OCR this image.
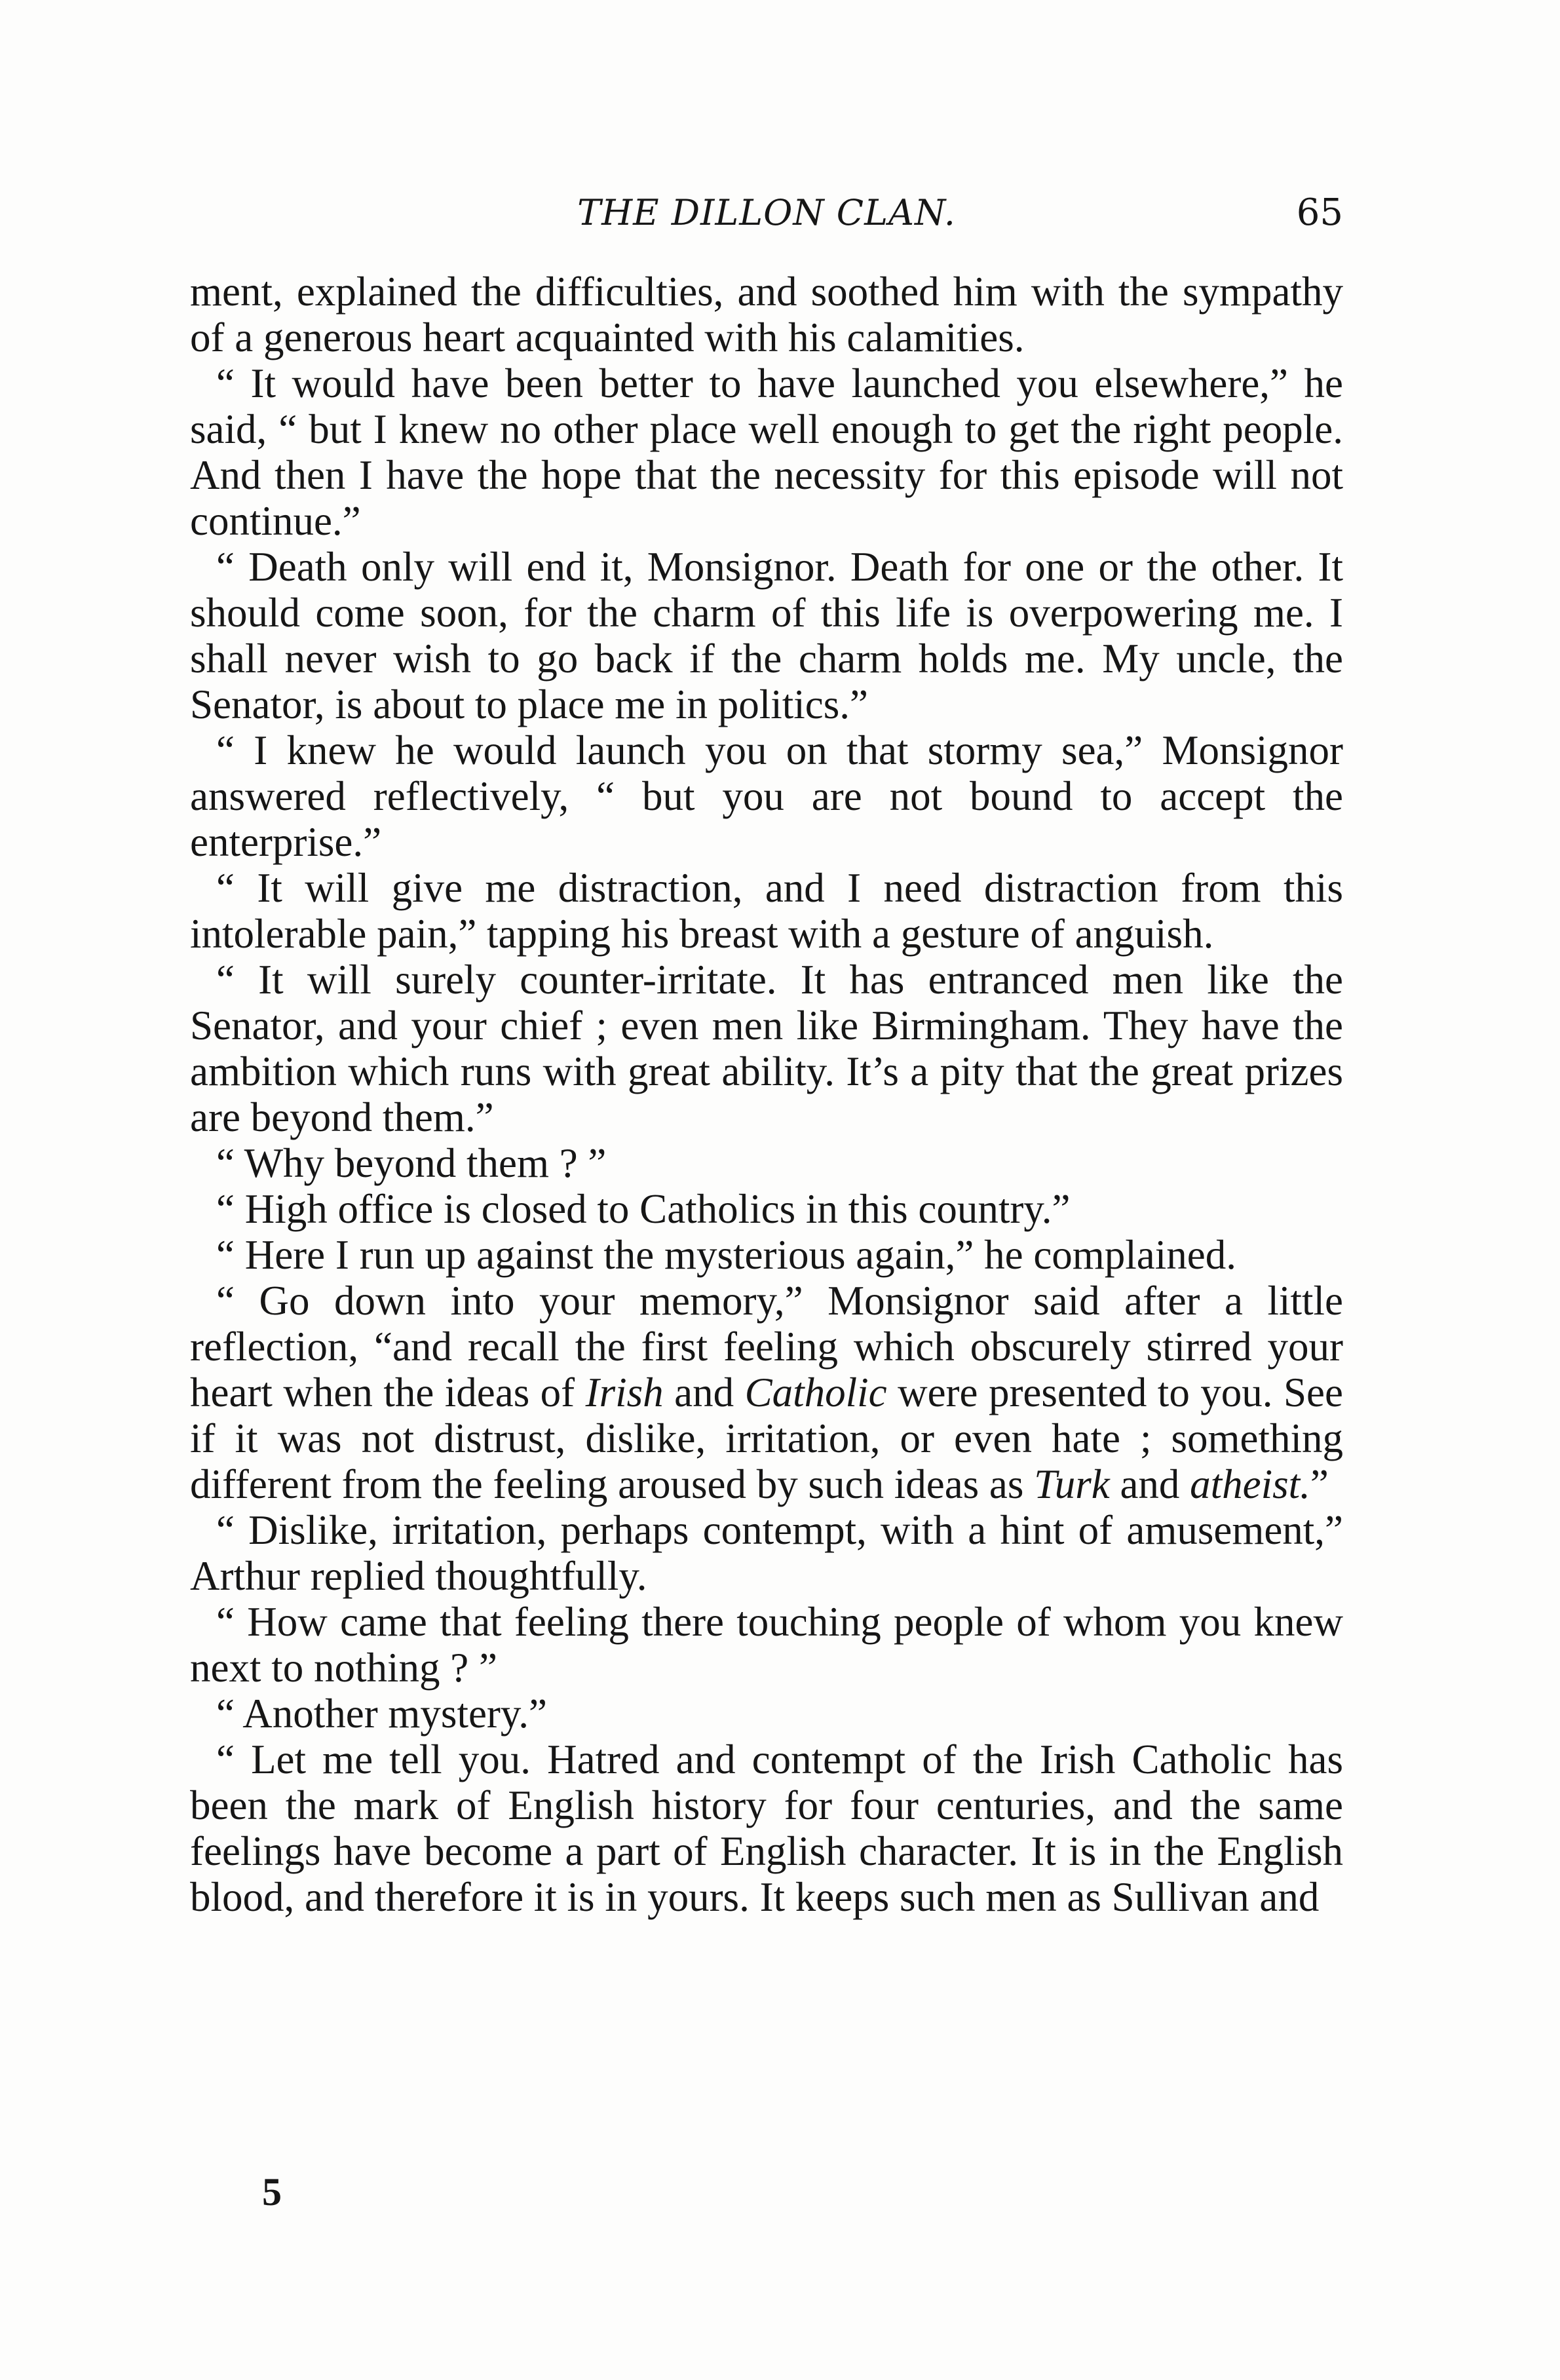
THE DILLON CLAN.	65

ment, explained the difficulties, and soothed him with the sympathy of a generous heart acquainted with his calamities.

“ It would have been better to have launched you elsewhere,” he said, “ but I knew no other place well enough to get the right people. And then I have the hope that the necessity for this episode will not continue.”

“ Death only will end it, Monsignor. Death for one or the other. It should come soon, for the charm of this life is overpowering me. I shall never wish to go back if the charm holds me. My uncle, the Senator, is about to place me in politics.”

“ I knew he would launch you on that stormy sea,” Monsignor answered reflectively, “ but you are not bound to accept the enterprise.”

“ It will give me distraction, and I need distraction from this intolerable pain,” tapping his breast with a gesture of anguish.

“ It will surely counter-irritate. It has entranced men like the Senator, and your chief ; even men like Birmingham. They have the ambition which runs with great ability. It’s a pity that the great prizes are beyond them.”

“ Why beyond them ? ”

“ High office is closed to Catholics in this country.”

“ Here I run up against the mysterious again,” he complained.

“ Go down into your memory,” Monsignor said after a little reflection, “and recall the first feeling which obscurely stirred your heart when the ideas of Irish and Catholic were presented to you. See if it was not distrust, dislike, irritation, or even hate ; something different from the feeling aroused by such ideas as Turk and atheist.”

“ Dislike, irritation, perhaps contempt, with a hint of amusement,” Arthur replied thoughtfully.

“ How came that feeling there touching people of whom you knew next to nothing ? ”

“ Another mystery.”

“ Let me tell you. Hatred and contempt of the Irish Catholic has been the mark of English history for four centuries, and the same feelings have become a part of English character. It is in the English blood, and therefore it is in yours. It keeps such men as Sullivan and

5
